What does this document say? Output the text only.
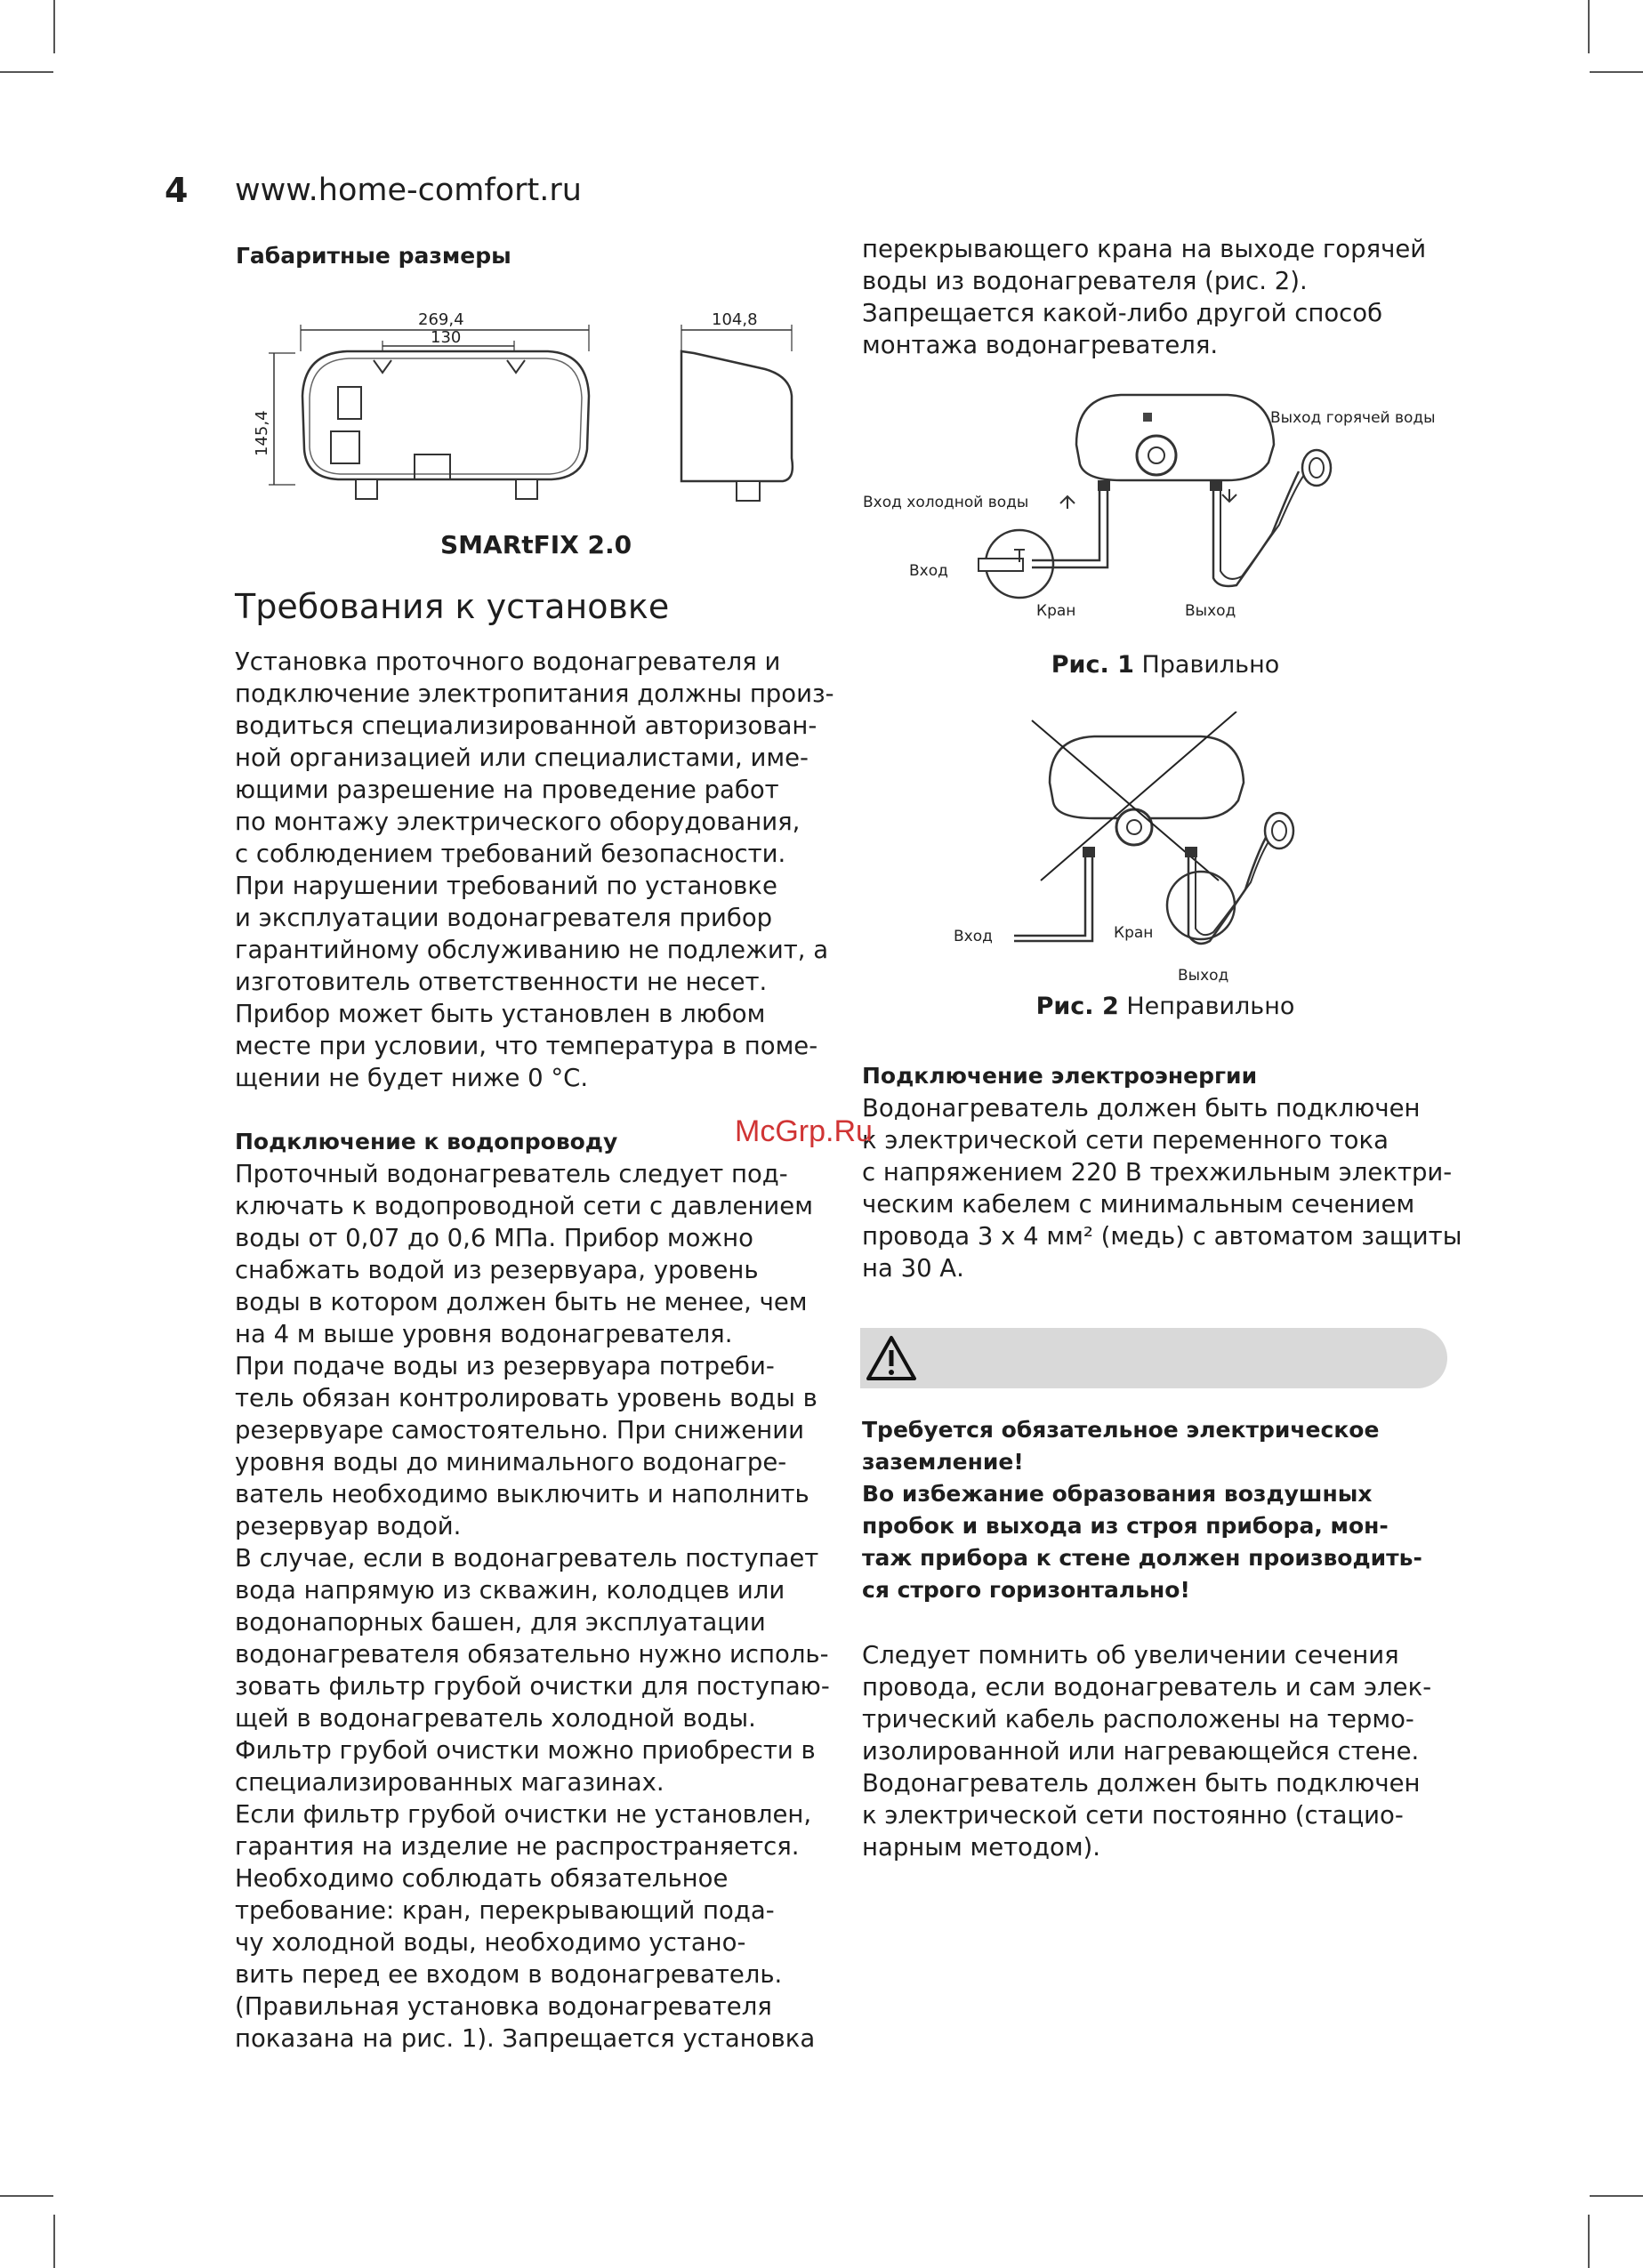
4 www.home-comfort.ru
Габаритные размеры
269,4
130
145,4
104,8
SMARtFIX 2.0
Требования к установке

Установка проточного водонагревателя и

подключение электропитания должны произ-

водиться специализированной авторизован-

ной организацией или специалистами, име-

ющими разрешение на проведение работ

по монтажу электрического оборудования,

с соблюдением требований безопасности.

При нарушении требований по установке

и эксплуатации водонагревателя прибор

гарантийному обслуживанию не подлежит, а

изготовитель ответственности не несет.

Прибор может быть установлен в любом

месте при условии, что температура в поме-

щении не будет ниже 0 °С.

Подключение к водопроводу

Проточный водонагреватель следует под-

ключать к водопроводной сети с давлением

воды от 0,07 до 0,6 МПа. Прибор можно

снабжать водой из резервуара, уровень

воды в котором должен быть не менее, чем

на 4 м выше уровня водонагревателя.

При подаче воды из резервуара потреби-

тель обязан контролировать уровень воды в

резервуаре самостоятельно. При снижении

уровня воды до минимального водонагре-

ватель необходимо выключить и наполнить

резервуар водой.

В случае, если в водонагреватель поступает

вода напрямую из скважин, колодцев или

водонапорных башен, для эксплуатации

водонагревателя обязательно нужно исполь-

зовать фильтр грубой очистки для поступаю-

щей в водонагреватель холодной воды.

Фильтр грубой очистки можно приобрести в

специализированных магазинах.

Если фильтр грубой очистки не установлен,

гарантия на изделие не распространяется.

Необходимо соблюдать обязательное

требование: кран, перекрывающий пода-

чу холодной воды, необходимо устано-

вить перед ее входом в водонагреватель.

(Правильная установка водонагревателя

показана на рис. 1). Запрещается установка

перекрывающего крана на выходе горячей

воды из водонагревателя (рис. 2).

Запрещается какой-либо другой способ

монтажа водонагревателя.

Выход горячей воды
Вход холодной воды
Вход
Кран	Выход
Рис. 1 Правильно
Вход	Кран
Выход
Рис. 2 Неправильно

Подключение электроэнергии

Водонагреватель должен быть подключен

к электрической сети переменного тока

с напряжением 220 В трехжильным электри-

ческим кабелем с минимальным сечением

провода 3 х 4 мм² (медь) с автоматом защиты

на 30 А.

Требуется обязательное электрическое

заземление!

Во избежание образования воздушных

пробок и выхода из строя прибора, мон-

таж прибора к стене должен производить-

ся строго горизонтально!

Следует помнить об увеличении сечения

провода, если водонагреватель и сам элек-

трический кабель расположены на термо-

изолированной или нагревающейся стене.

Водонагреватель должен быть подключен

к электрической сети постоянно (стацио-

нарным методом).

McGrp.Ru
